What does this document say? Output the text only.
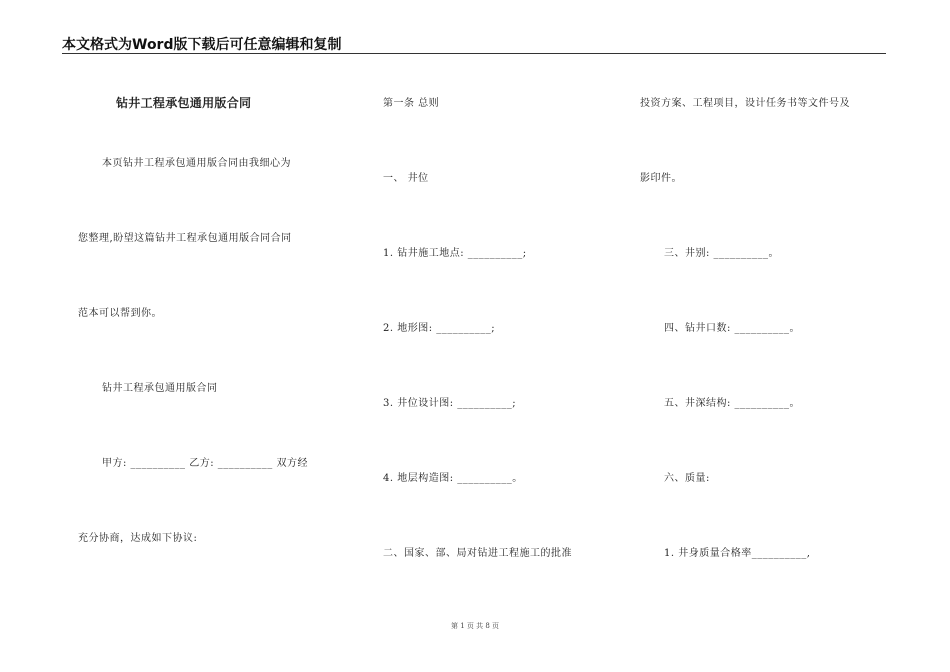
本文格式为Word版下载后可任意编辑和复制
钻井工程承包通用版合同
本页钻井工程承包通用版合同由我细心为
您整理,盼望这篇钻井工程承包通用版合同合同
范本可以帮到你。
钻井工程承包通用版合同
甲方: __________ 乙方: __________ 双方经
充分协商，达成如下协议:
第一条 总则
一、 井位
1. 钻井施工地点: __________;
2. 地形图: __________;
3. 井位设计图: __________;
4. 地层构造图: __________。
二、国家、部、局对钻进工程施工的批准
投资方案、工程项目，设计任务书等文件号及
影印件。
三、井别: __________。
四、钻井口数: __________。
五、井深结构: __________。
六、质量:
1. 井身质量合格率__________,
第 1 页 共 8 页
